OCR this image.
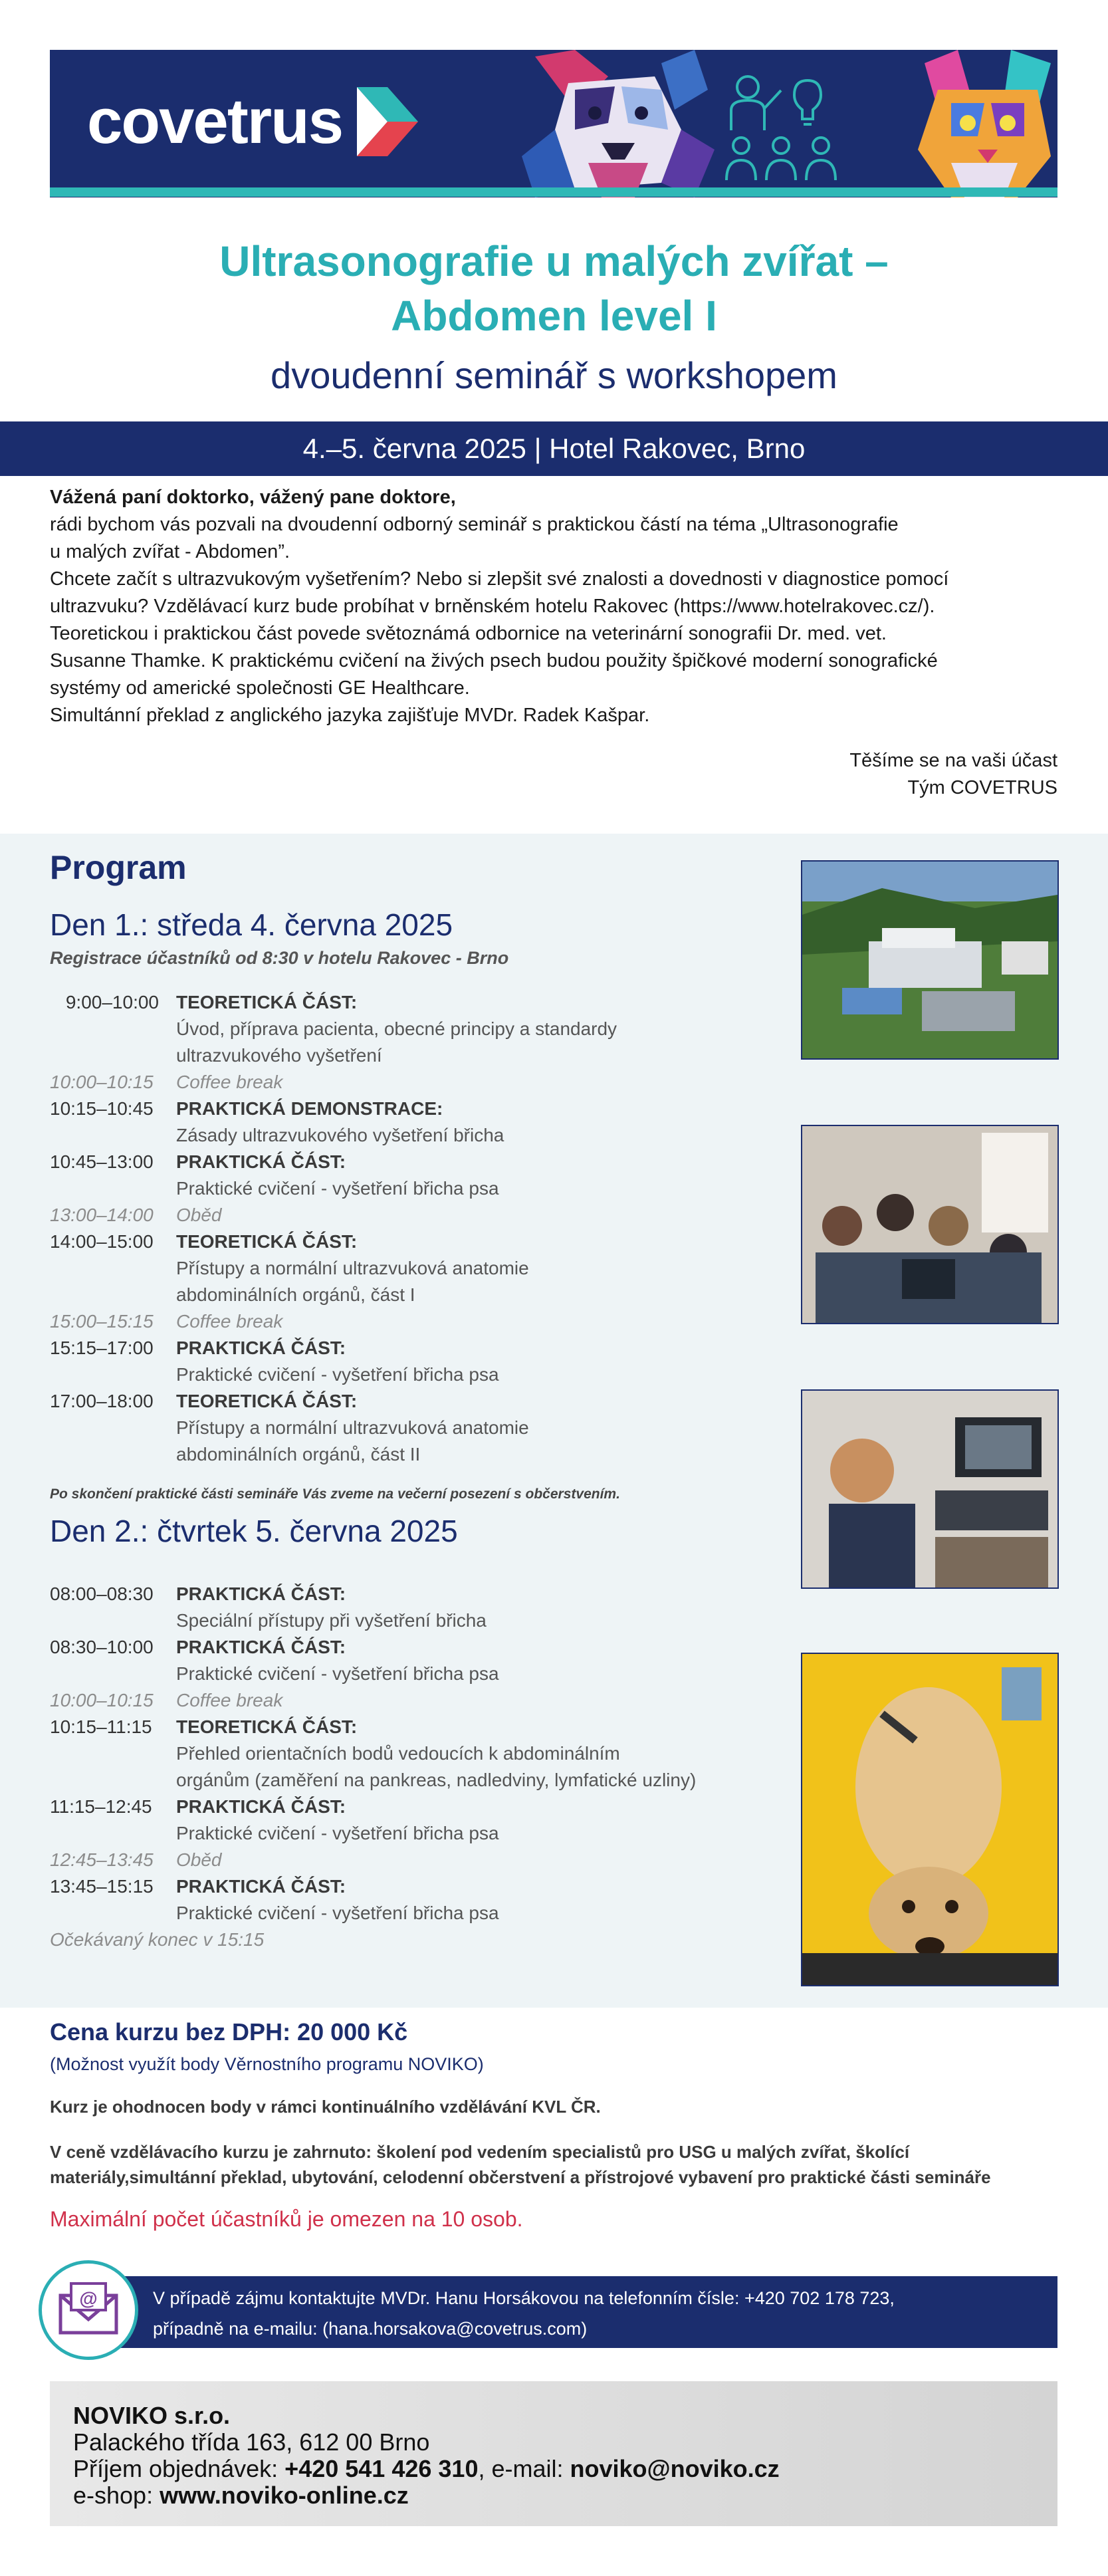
covetrus
Ultrasonografie u malých zvířat –
Abdomen level I
dvoudenní seminář s workshopem
4.–5. června 2025 | Hotel Rakovec, Brno

Vážená paní doktorko, vážený pane doktore,

rádi bychom vás pozvali na dvoudenní odborný seminář s praktickou částí na téma „Ultrasonografie

u malých zvířat - Abdomen”.

Chcete začít s ultrazvukovým vyšetřením? Nebo si zlepšit své znalosti a dovednosti v diagnostice pomocí

ultrazvuku? Vzdělávací kurz bude probíhat v brněnském hotelu Rakovec (https://www.hotelrakovec.cz/).

Teoretickou i praktickou část povede světoznámá odbornice na veterinární sonografii Dr. med. vet.

Susanne Thamke. K praktickému cvičení na živých psech budou použity špičkové moderní sonografické

systémy od americké společnosti GE Healthcare.

Simultánní překlad z anglického jazyka zajišťuje MVDr. Radek Kašpar.

Těšíme se na vaši účast
Tým COVETRUS
Program
Den 1.: středa 4. června 2025
Registrace účastníků od 8:30 v hotelu Rakovec - Brno
9:00–10:00 TEORETICKÁ ČÁST:
Úvod, příprava pacienta, obecné principy a standardy
ultrazvukového vyšetření
10:00–10:15	Coffee break
10:15–10:45	PRAKTICKÁ DEMONSTRACE:
Zásady ultrazvukového vyšetření břicha
10:45–13:00	PRAKTICKÁ ČÁST:
Praktické cvičení - vyšetření břicha psa
13:00–14:00	Oběd
14:00–15:00	TEORETICKÁ ČÁST:
Přístupy a normální ultrazvuková anatomie
abdominálních orgánů, část I
15:00–15:15	Coffee break
15:15–17:00	PRAKTICKÁ ČÁST:
Praktické cvičení - vyšetření břicha psa
17:00–18:00	TEORETICKÁ ČÁST:
Přístupy a normální ultrazvuková anatomie
abdominálních orgánů, část II
Po skončení praktické části semináře Vás zveme na večerní posezení s občerstvením.
Den 2.: čtvrtek 5. června 2025
08:00–08:30	PRAKTICKÁ ČÁST:
Speciální přístupy při vyšetření břicha
08:30–10:00	PRAKTICKÁ ČÁST:
Praktické cvičení - vyšetření břicha psa
10:00–10:15	Coffee break
10:15–11:15	TEORETICKÁ ČÁST:
Přehled orientačních bodů vedoucích k abdominálním
orgánům (zaměření na pankreas, nadledviny, lymfatické uzliny)
11:15–12:45	PRAKTICKÁ ČÁST:
Praktické cvičení - vyšetření břicha psa
12:45–13:45	Oběd
13:45–15:15	PRAKTICKÁ ČÁST:
Praktické cvičení - vyšetření břicha psa
Očekávaný konec v 15:15
Cena kurzu bez DPH: 20 000 Kč
(Možnost využít body Věrnostního programu NOVIKO)
Kurz je ohodnocen body v rámci kontinuálního vzdělávání KVL ČR.
V ceně vzdělávacího kurzu je zahrnuto: školení pod vedením specialistů pro USG u malých zvířat, školící
materiály,simultánní překlad, ubytování, celodenní občerstvení a přístrojové vybavení pro praktické části semináře
Maximální počet účastníků je omezen na 10 osob.
V případě zájmu kontaktujte MVDr. Hanu Horsákovou na telefonním čísle: +420 702 178 723,
případně na e-mailu: (hana.horsakova@covetrus.com)
@
NOVIKO s.r.o.
Palackého třída 163, 612 00 Brno
Příjem objednávek: +420 541 426 310, e-mail: noviko@noviko.cz
e-shop: www.noviko-online.cz
